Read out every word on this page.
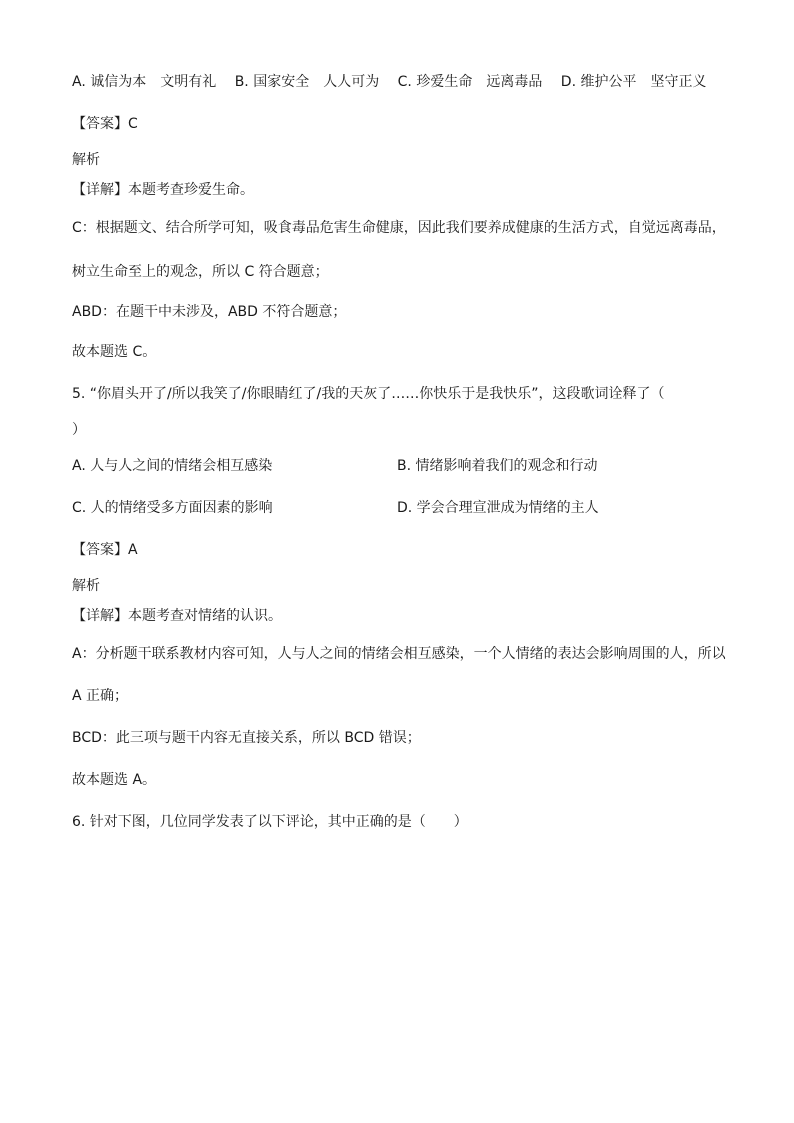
A. 诚信为本　文明有礼 B. 国家安全　人人可为 C. 珍爱生命　远离毒品 D. 维护公平　坚守正义
【答案】C
解析
【详解】本题考查珍爱生命。
C：根据题文、结合所学可知，吸食毒品危害生命健康，因此我们要养成健康的生活方式，自觉远离毒品，
树立生命至上的观念，所以 C 符合题意；
ABD：在题干中未涉及，ABD 不符合题意；
故本题选 C。
5. “你眉头开了/所以我笑了/你眼睛红了/我的天灰了……你快乐于是我快乐”，这段歌词诠释了（
）
A. 人与人之间的情绪会相互感染	B. 情绪影响着我们的观念和行动
C. 人的情绪受多方面因素的影响	D. 学会合理宣泄成为情绪的主人
【答案】A
解析
【详解】本题考查对情绪的认识。
A：分析题干联系教材内容可知，人与人之间的情绪会相互感染，一个人情绪的表达会影响周围的人，所以
A 正确；
BCD：此三项与题干内容无直接关系，所以 BCD 错误；
故本题选 A。
6. 针对下图，几位同学发表了以下评论，其中正确的是（　　）
